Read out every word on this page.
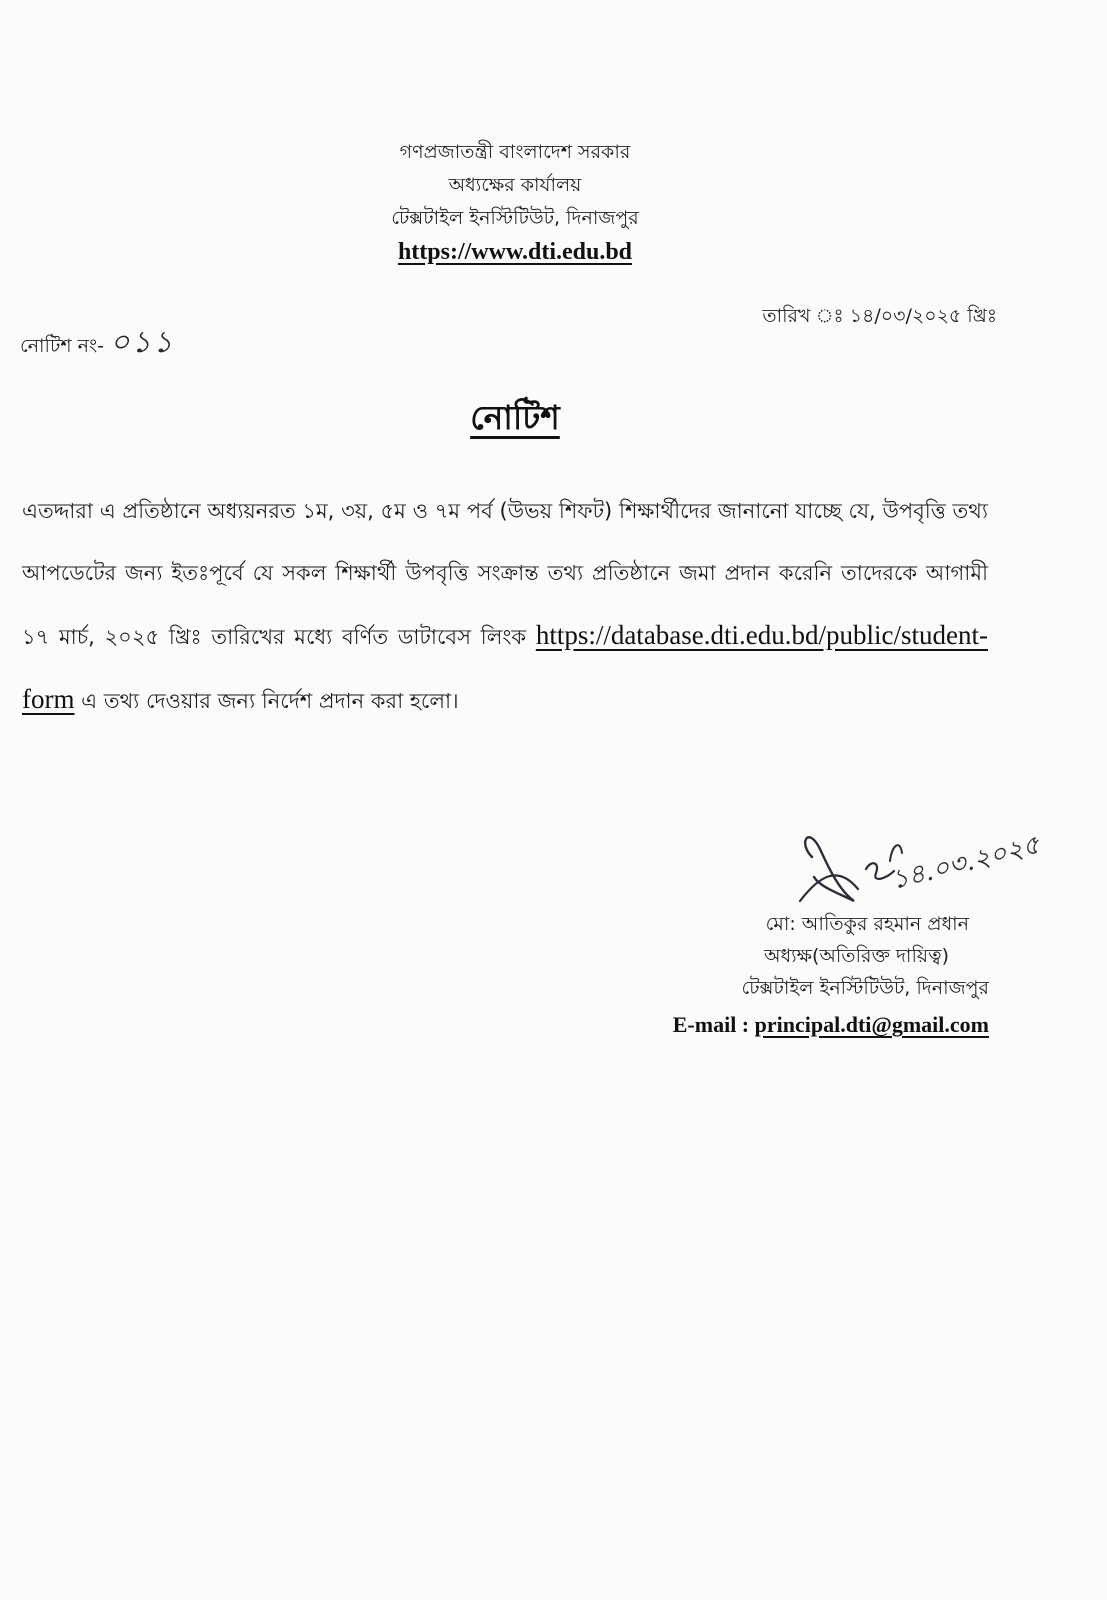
গণপ্রজাতন্ত্রী বাংলাদেশ সরকার
অধ্যক্ষের কার্যালয়
টেক্সটাইল ইনস্টিটিউট, দিনাজপুর
https://www.dti.edu.bd
নোটিশ নং- ০১১
তারিখ ঃ ১৪/০৩/২০২৫ খ্রিঃ
নোটিশ
এতদ্দারা এ প্রতিষ্ঠানে অধ্যয়নরত ১ম, ৩য়, ৫ম ও ৭ম পর্ব (উভয় শিফট) শিক্ষার্থীদের জানানো যাচ্ছে যে, উপবৃত্তি তথ্য আপডেটের জন্য ইতঃপূর্বে যে সকল শিক্ষার্থী উপবৃত্তি সংক্রান্ত তথ্য প্রতিষ্ঠানে জমা প্রদান করেনি তাদেরকে আগামী ১৭ মার্চ, ২০২৫ খ্রিঃ তারিখের মধ্যে বর্ণিত ডাটাবেস লিংক https://database.dti.edu.bd/public/student-form এ তথ্য দেওয়ার জন্য নির্দেশ প্রদান করা হলো।
১৪.০৩.২০২৫
মো: আতিকুর রহমান প্রধান
অধ্যক্ষ(অতিরিক্ত দায়িত্ব)
টেক্সটাইল ইনস্টিটিউট, দিনাজপুর
E-mail : principal.dti@gmail.com
